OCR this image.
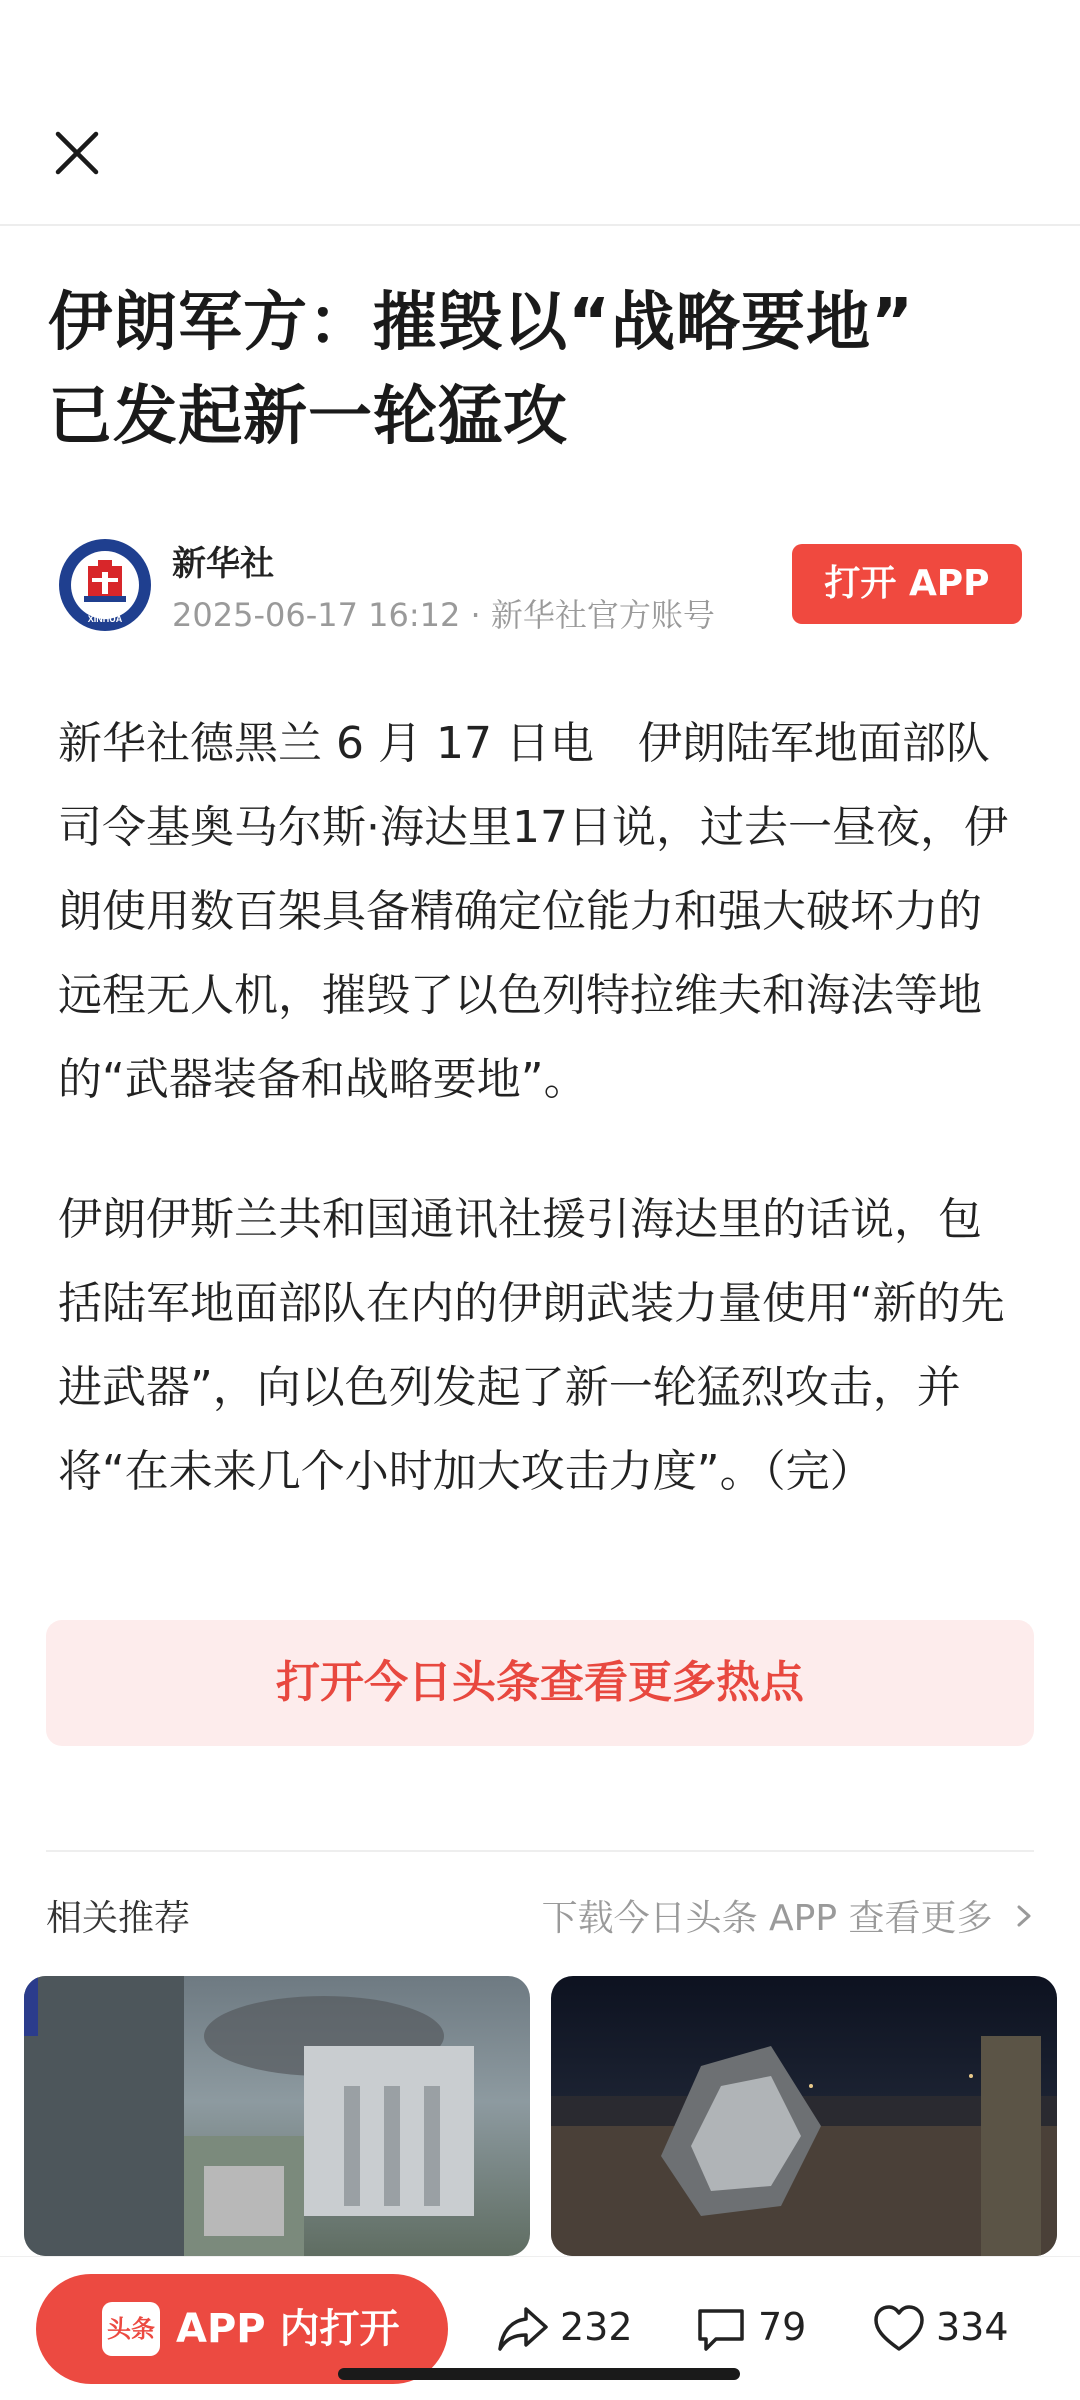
伊朗军方：摧毁以“战略要地”
已发起新一轮猛攻
XINHUA
新华社
2025-06-17 16:12 · 新华社官方账号
打开 APP

新华社德黑兰 6 月 17 日电　伊朗陆军地面部队司令基奥马尔斯·海达里17日说，过去一昼夜，伊朗使用数百架具备精确定位能力和强大破坏力的远程无人机，摧毁了以色列特拉维夫和海法等地的“武器装备和战略要地”。

伊朗伊斯兰共和国通讯社援引海达里的话说，包括陆军地面部队在内的伊朗武装力量使用“新的先进武器”，向以色列发起了新一轮猛烈攻击，并将“在未来几个小时加大攻击力度”。（完）

打开今日头条查看更多热点
相关推荐	下载今日头条 APP 查看更多
头条 APP 内打开	232	79	334
